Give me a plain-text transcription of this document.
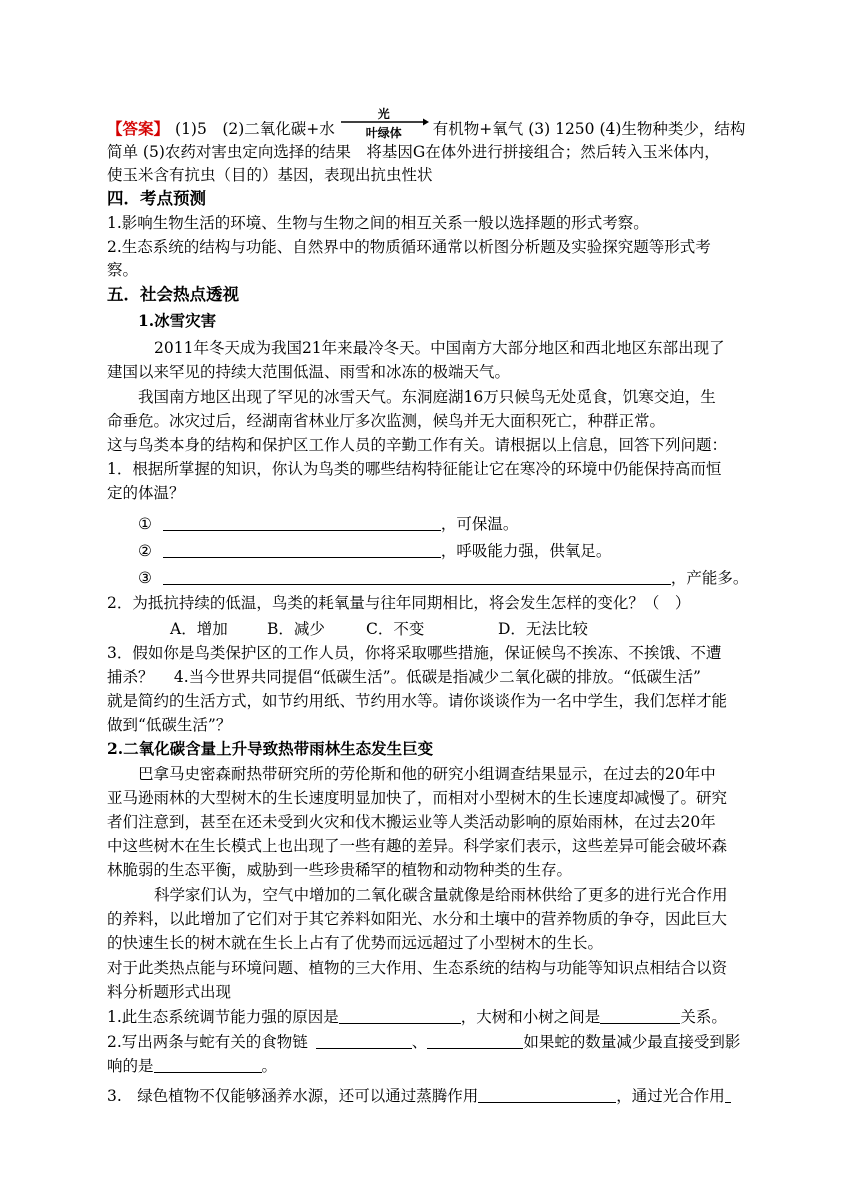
【答案】 (1)5　(2)二氧化碳+水
光
叶绿体	有机物+氧气 (3) 1250 (4)生物种类少，结构
简单 (5)农药对害虫定向选择的结果　将基因G在体外进行拼接组合；然后转入玉米体内，
使玉米含有抗虫（目的）基因，表现出抗虫性状
四．考点预测
1.影响生物生活的环境、生物与生物之间的相互关系一般以选择题的形式考察。
2.生态系统的结构与功能、自然界中的物质循环通常以析图分析题及实验探究题等形式考
察。
五．社会热点透视
1.冰雪灾害
2011年冬天成为我国21年来最冷冬天。中国南方大部分地区和西北地区东部出现了
建国以来罕见的持续大范围低温、雨雪和冰冻的极端天气。
我国南方地区出现了罕见的冰雪天气。东洞庭湖16万只候鸟无处觅食，饥寒交迫，生
命垂危。冰灾过后，经湖南省林业厅多次监测，候鸟并无大面积死亡，种群正常。
这与鸟类本身的结构和保护区工作人员的辛勤工作有关。请根据以上信息，回答下列问题：
1．根据所掌握的知识，你认为鸟类的哪些结构特征能让它在寒冷的环境中仍能保持高而恒
定的体温？
①	，可保温。
②	，呼吸能力强，供氧足。
③	，产能多。
2．为抵抗持续的低温，鸟类的耗氧量与往年同期相比，将会发生怎样的变化？（　）
A．增加	B．减少	C．不变	D．无法比较
3．假如你是鸟类保护区的工作人员，你将采取哪些措施，保证候鸟不挨冻、不挨饿、不遭
捕杀？　 4.当今世界共同提倡“低碳生活”。低碳是指减少二氧化碳的排放。“低碳生活”
就是简约的生活方式，如节约用纸、节约用水等。请你谈谈作为一名中学生，我们怎样才能
做到“低碳生活”？
2.二氧化碳含量上升导致热带雨林生态发生巨变
巴拿马史密森耐热带研究所的劳伦斯和他的研究小组调查结果显示，在过去的20年中
亚马逊雨林的大型树木的生长速度明显加快了，而相对小型树木的生长速度却减慢了。研究
者们注意到，甚至在还未受到火灾和伐木搬运业等人类活动影响的原始雨林，在过去20年
中这些树木在生长模式上也出现了一些有趣的差异。科学家们表示，这些差异可能会破坏森
林脆弱的生态平衡，威胁到一些珍贵稀罕的植物和动物种类的生存。
科学家们认为，空气中增加的二氧化碳含量就像是给雨林供给了更多的进行光合作用
的养料，以此增加了它们对于其它养料如阳光、水分和土壤中的营养物质的争夺，因此巨大
的快速生长的树木就在生长上占有了优势而远远超过了小型树木的生长。
对于此类热点能与环境问题、植物的三大作用、生态系统的结构与功能等知识点相结合以资
料分析题形式出现
1.此生态系统调节能力强的原因是	，大树和小树之间是	关系。
2.写出两条与蛇有关的食物链	、	如果蛇的数量减少最直接受到影
响的是	。
3.　绿色植物不仅能够涵养水源，还可以通过蒸腾作用	，通过光合作用
